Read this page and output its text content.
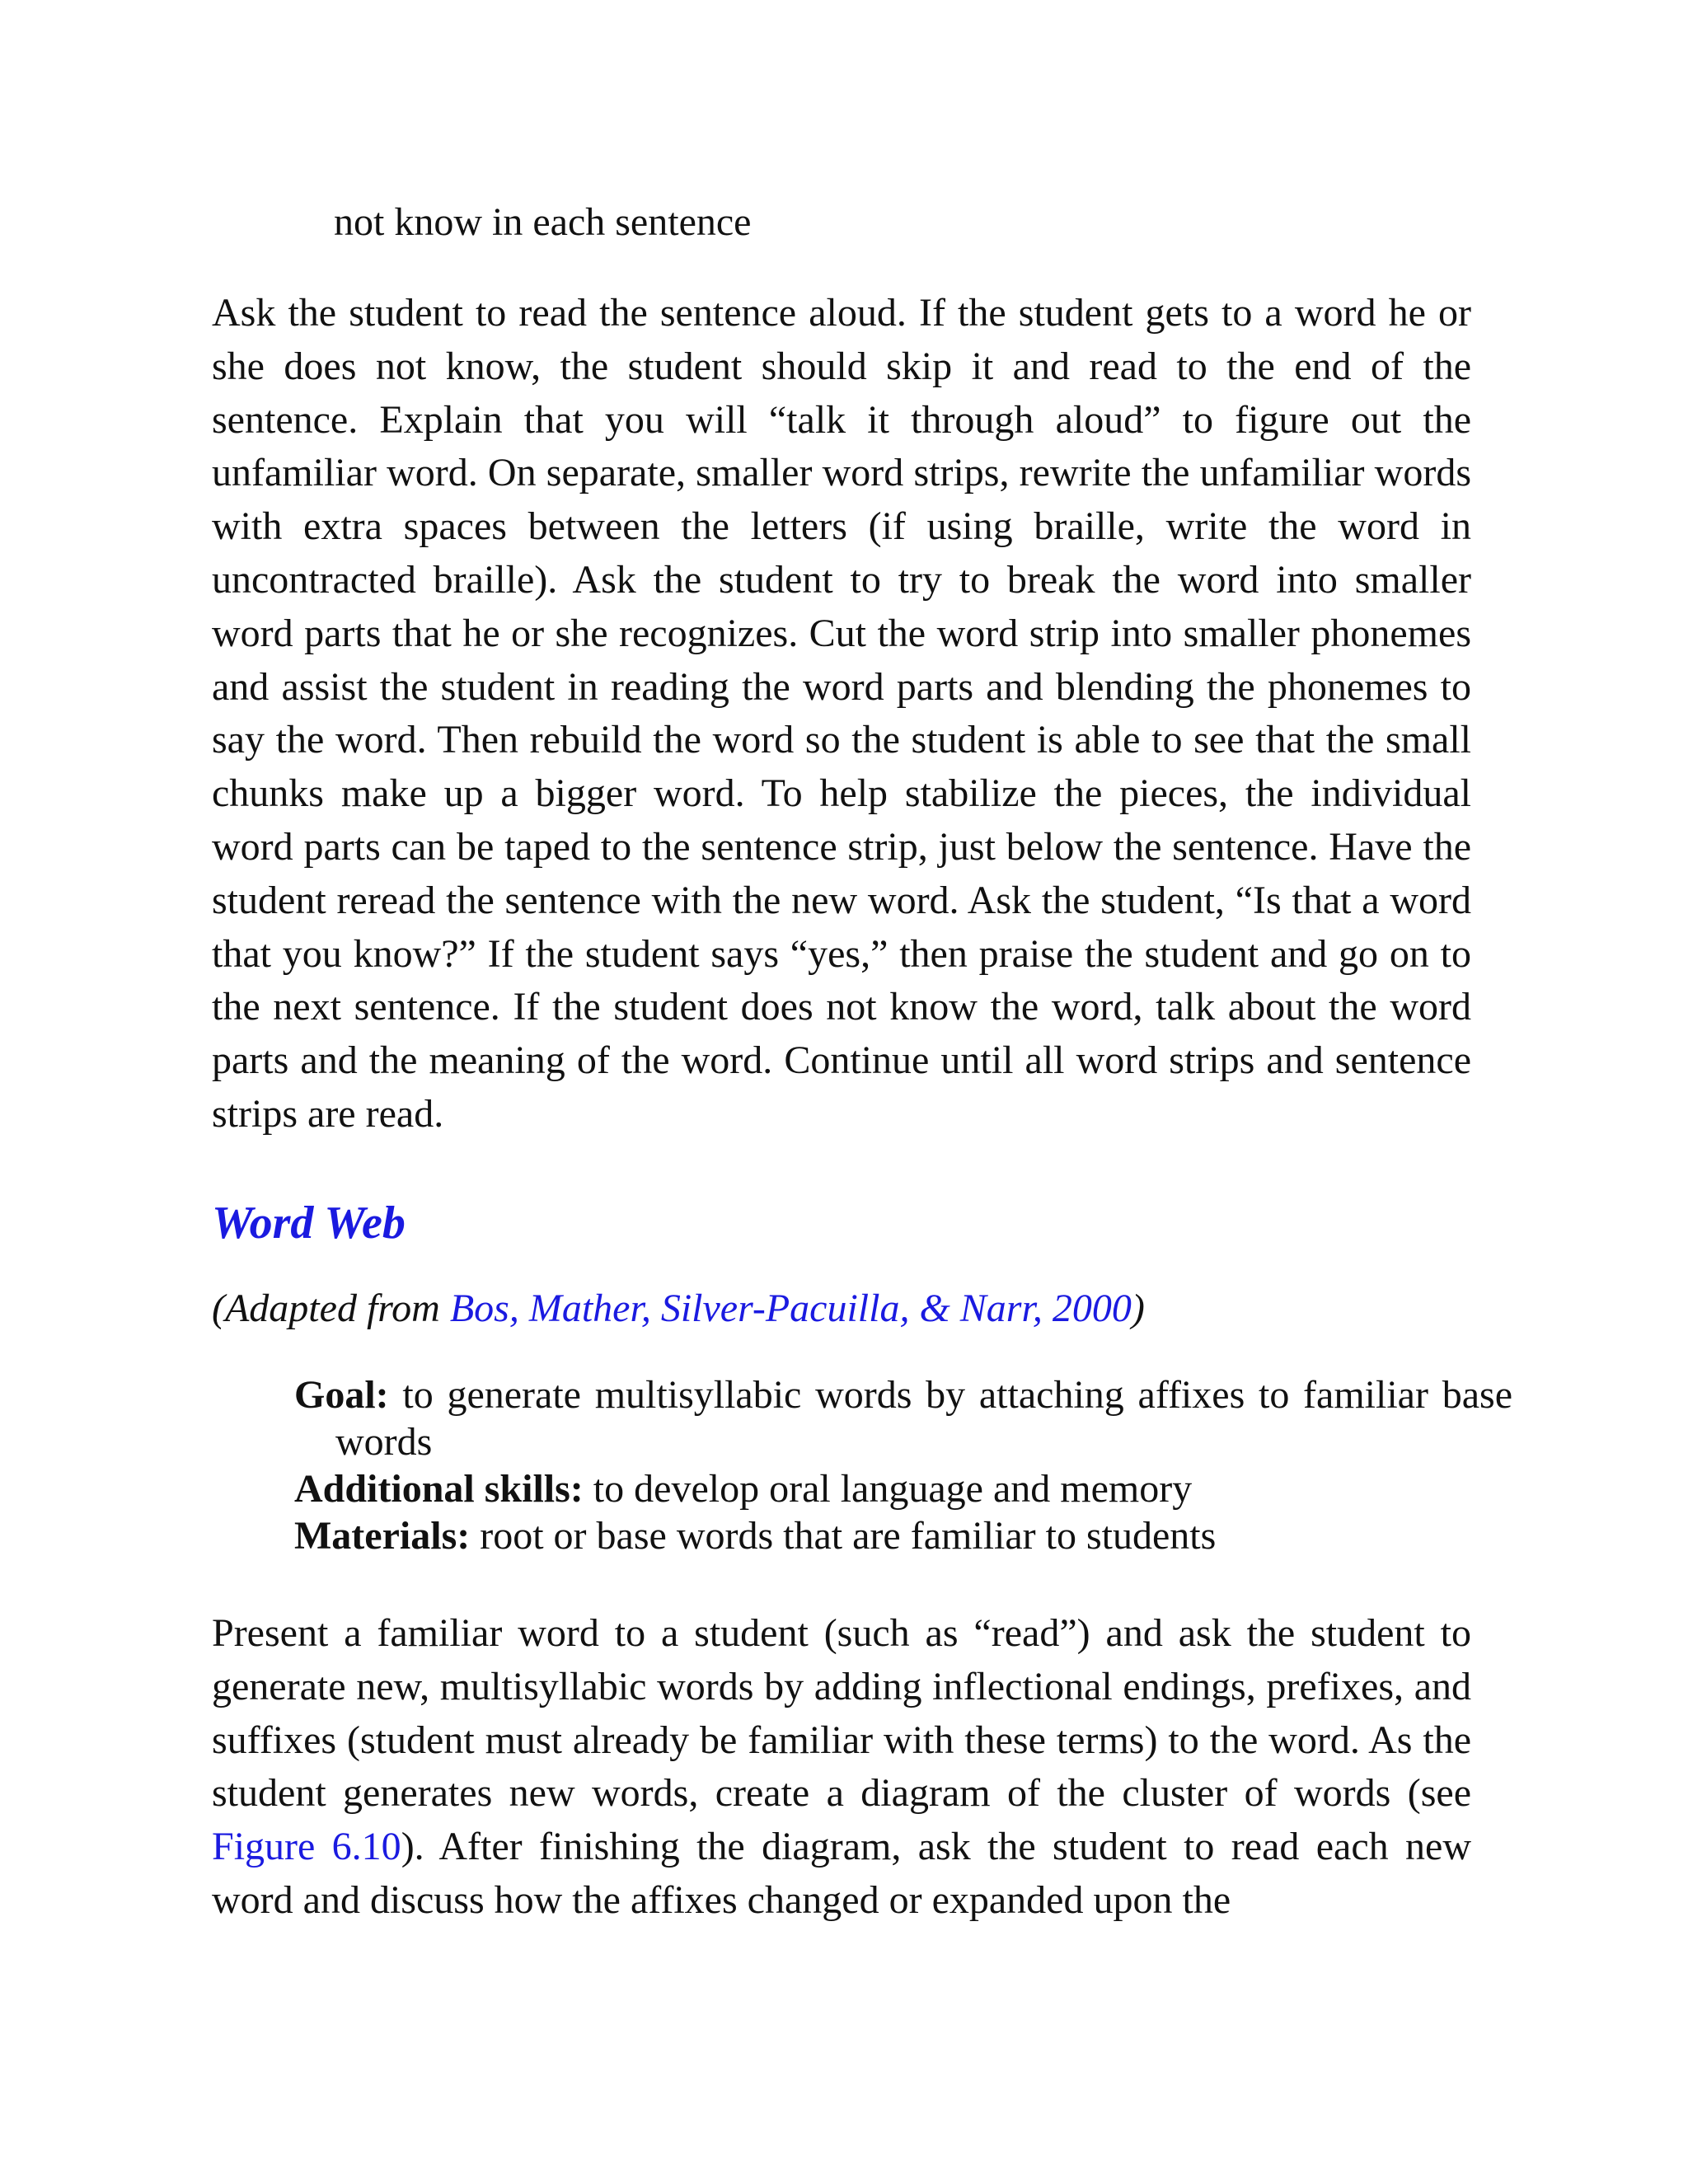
not know in each sentence

Ask the student to read the sentence aloud. If the student gets to a word he or she does not know, the student should skip it and read to the end of the sentence. Explain that you will “talk it through aloud” to figure out the unfamiliar word. On separate, smaller word strips, rewrite the unfamiliar words with extra spaces between the letters (if using braille, write the word in uncontracted braille). Ask the student to try to break the word into smaller word parts that he or she recognizes. Cut the word strip into smaller phonemes and assist the student in reading the word parts and blending the phonemes to say the word. Then rebuild the word so the student is able to see that the small chunks make up a bigger word. To help stabilize the pieces, the individual word parts can be taped to the sentence strip, just below the sentence. Have the student reread the sentence with the new word. Ask the student, “Is that a word that you know?” If the student says “yes,” then praise the student and go on to the next sentence. If the student does not know the word, talk about the word parts and the meaning of the word. Continue until all word strips and sentence strips are read.

Word Web

(Adapted from Bos, Mather, Silver-Pacuilla, & Narr, 2000)

Goal: to generate multisyllabic words by attaching affixes to familiar base words

Additional skills: to develop oral language and memory

Materials: root or base words that are familiar to students

Present a familiar word to a student (such as “read”) and ask the student to generate new, multisyllabic words by adding inflectional endings, prefixes, and suffixes (student must already be familiar with these terms) to the word. As the student generates new words, create a diagram of the cluster of words (see Figure 6.10). After finishing the diagram, ask the student to read each new word and discuss how the affixes changed or expanded upon the
